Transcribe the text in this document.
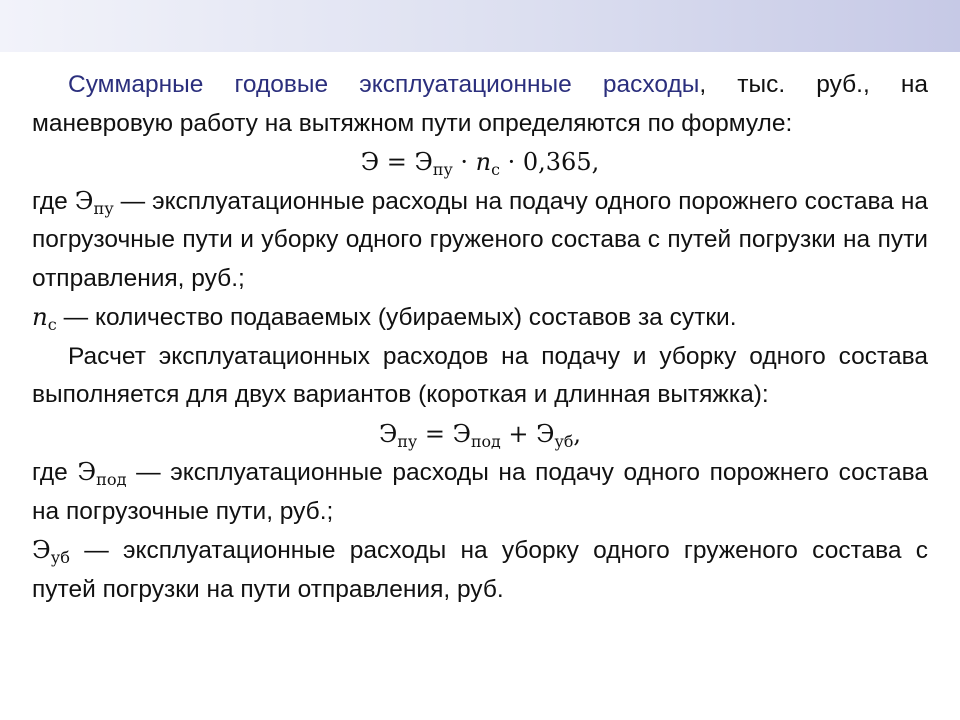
Суммарные годовые эксплуатационные расходы, тыс. руб., на маневровую работу на вытяжном пути определяются по формуле:

$Э = Э_{пу} \cdot n_с \cdot 0,365$,

где $Э_{пу}$ — эксплуатационные расходы на подачу одного порожнего состава на погрузочные пути и уборку одного груженого состава с путей погрузки на пути отправления, руб.;

$n_с$ — количество подаваемых (убираемых) составов за сутки.

Расчет эксплуатационных расходов на подачу и уборку одного состава выполняется для двух вариантов (короткая и длинная вытяжка):

$Э_{пу} = Э_{под} + Э_{уб}$,

где $Э_{под}$ — эксплуатационные расходы на подачу одного порожнего состава на погрузочные пути, руб.;

$Э_{уб}$ — эксплуатационные расходы на уборку одного груженого состава с путей погрузки на пути отправления, руб.
